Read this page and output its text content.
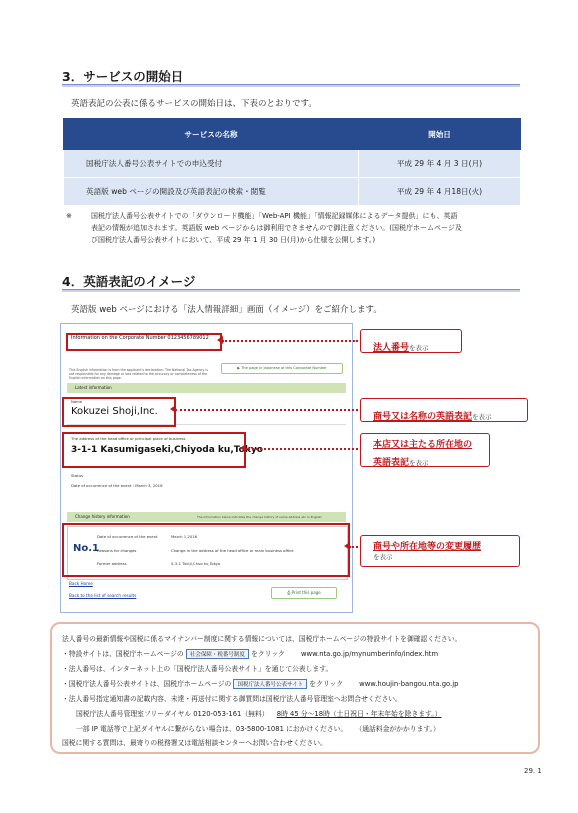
3．サービスの開始日
英語表記の公表に係るサービスの開始日は、下表のとおりです。
サービスの名称	開始日
国税庁法人番号公表サイトでの申込受付	平成 29 年 4 月 3 日(月)
英語版 web ページの開設及び英語表記の検索・閲覧	平成 29 年 4 月18日(火)
※	国税庁法人番号公表サイトでの「ダウンロード機能」「Web-API 機能」「情報記録媒体によるデータ提供」にも、英語
表記の情報が追加されます。英語版 web ページからは御利用できませんので御注意ください。(国税庁ホームページ及
び国税庁法人番号公表サイトにおいて、平成 29 年 1 月 30 日(月)から仕様を公開します。)
4．英語表記のイメージ
英語版 web ページにおける「法人情報詳細」画面（イメージ）をご紹介します。
Information on the Corporate Number 0123456789012
This English information is from the applicant's declaration. The National Tax Agency is not responsible for any damage or loss related to the accuracy or completeness of the English information on this page.
▶ The page in Japanese of this Corporate Number
Latest information
Name
Kokuzei Shoji,Inc.
The address of the head office or principal place of business
3-1-1 Kasumigaseki,Chiyoda ku,Tokyo
Status
Date of occurrence of the event : March 3, 2016
Change history information	The information below indicates the change history of name address etc in English.
No.1
Date of occurrence of the event
Reasons for changes
Former address
March 1,2016
Change in the address of the head office or main business office
5-3-1 Tukiji,Chuo ku,Tokyo
Back Home
Back to the list of search results
⎙ Print this page
法人番号を表示
商号又は名称の英語表記を表示
本店又は主たる所在地の
英語表記を表示
商号や所在地等の変更履歴
を表示
法人番号の最新情報や国税に係るマイナンバー制度に関する情報については、国税庁ホームページの特設サイトを御確認ください。
・特設サイトは、国税庁ホームページの 社会保障・税番号制度 をクリック www.nta.go.jp/mynumberinfo/index.htm
・法人番号は、インターネット上の「国税庁法人番号公表サイト」を通じて公表します。
・国税庁法人番号公表サイトは、国税庁ホームページの 国税庁法人番号公表サイト をクリック www.houjin-bangou.nta.go.jp
・法人番号指定通知書の記載内容、未達・再送付に関する御質問は国税庁法人番号管理室へお問合せください。
国税庁法人番号管理室フリーダイヤル 0120-053-161（無料） 8時 45 分～18時（土日祝日・年末年始を除きます。）
一部 IP 電話等で上記ダイヤルに繋がらない場合は、03-5800-1081 におかけください。 （通話料金がかかります。）
国税に関する質問は、最寄りの税務署又は電話相談センターへお問い合わせください。
29. 1
